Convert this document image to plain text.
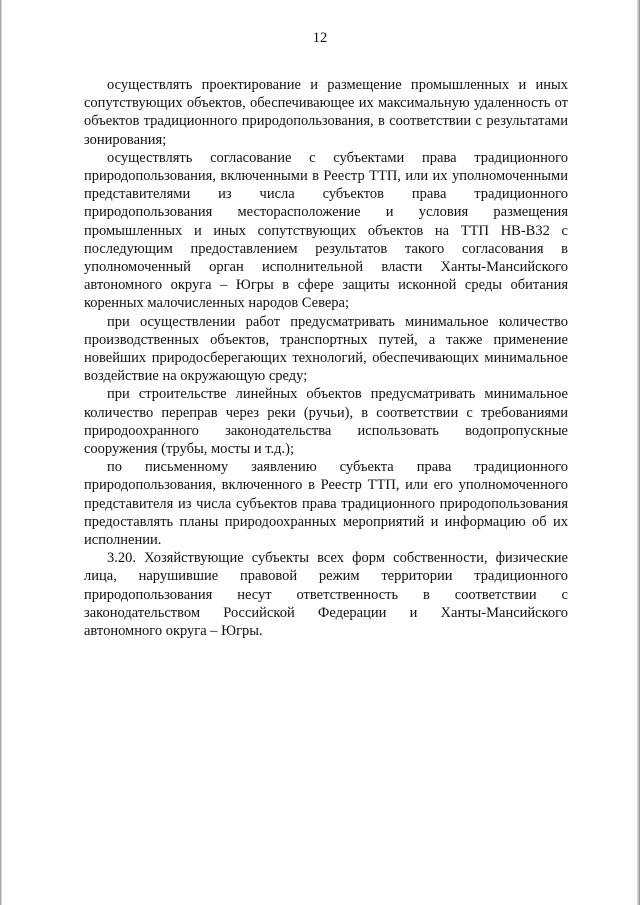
12

осуществлять проектирование и размещение промышленных и иных сопутствующих объектов, обеспечивающее их максимальную удаленность от объектов традиционного природопользования, в соответствии с результатами зонирования;

осуществлять согласование с субъектами права традиционного природопользования, включенными в Реестр ТТП, или их уполномоченными представителями из числа субъектов права традиционного природопользования месторасположение и условия размещения промышленных и иных сопутствующих объектов на ТТП НВ-В32 с последующим предоставлением результатов такого согласования в уполномоченный орган исполнительной власти Ханты-Мансийского автономного округа – Югры в сфере защиты исконной среды обитания коренных малочисленных народов Севера;

при осуществлении работ предусматривать минимальное количество производственных объектов, транспортных путей, а также применение новейших природосберегающих технологий, обеспечивающих минимальное воздействие на окружающую среду;

при строительстве линейных объектов предусматривать минимальное количество переправ через реки (ручьи), в соответствии с требованиями природоохранного законодательства использовать водопропускные сооружения (трубы, мосты и т.д.);

по письменному заявлению субъекта права традиционного природопользования, включенного в Реестр ТТП, или его уполномоченного представителя из числа субъектов права традиционного природопользования предоставлять планы природоохранных мероприятий и информацию об их исполнении.

3.20. Хозяйствующие субъекты всех форм собственности, физические лица, нарушившие правовой режим территории традиционного природопользования несут ответственность в соответствии с законодательством Российской Федерации и Ханты-Мансийского автономного округа – Югры.
